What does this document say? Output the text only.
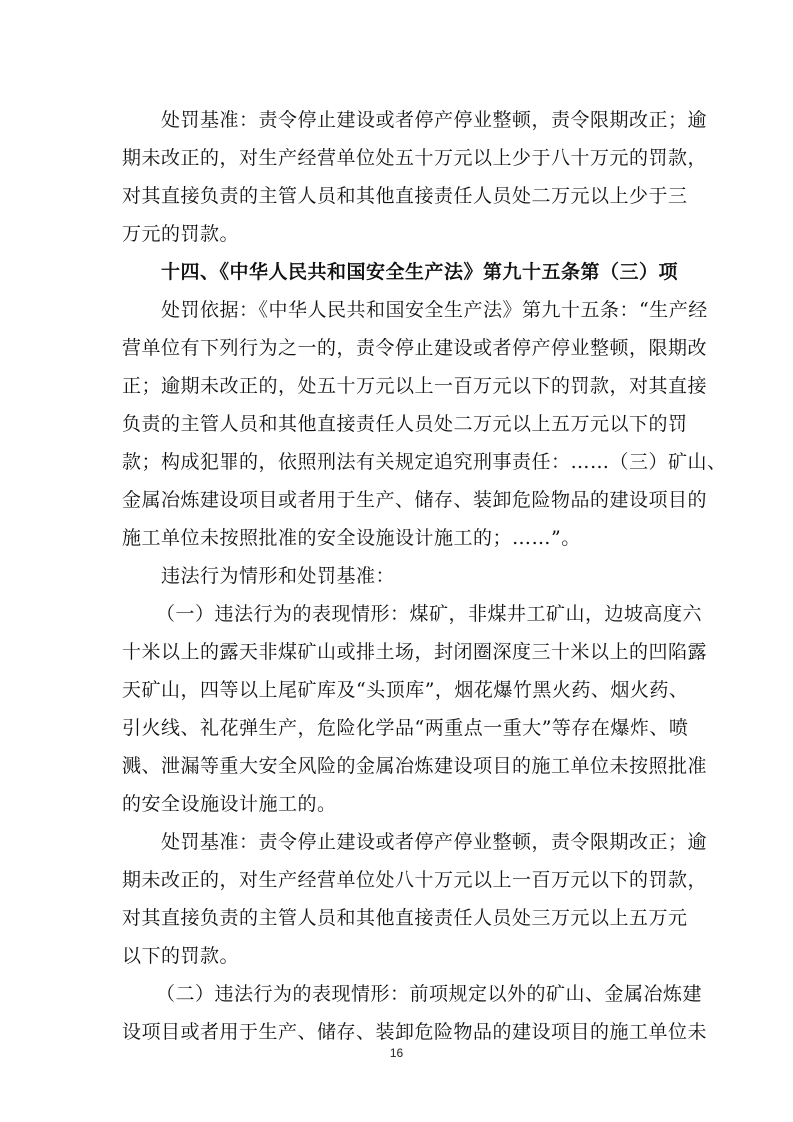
处罚基准：责令停止建设或者停产停业整顿，责令限期改正；逾
期未改正的，对生产经营单位处五十万元以上少于八十万元的罚款，
对其直接负责的主管人员和其他直接责任人员处二万元以上少于三
万元的罚款。
十四、《中华人民共和国安全生产法》第九十五条第（三）项
处罚依据：《中华人民共和国安全生产法》第九十五条：“生产经
营单位有下列行为之一的，责令停止建设或者停产停业整顿，限期改
正；逾期未改正的，处五十万元以上一百万元以下的罚款，对其直接
负责的主管人员和其他直接责任人员处二万元以上五万元以下的罚
款；构成犯罪的，依照刑法有关规定追究刑事责任：……（三）矿山、
金属冶炼建设项目或者用于生产、储存、装卸危险物品的建设项目的
施工单位未按照批准的安全设施设计施工的；……”。
违法行为情形和处罚基准：
（一）违法行为的表现情形：煤矿，非煤井工矿山，边坡高度六
十米以上的露天非煤矿山或排土场，封闭圈深度三十米以上的凹陷露
天矿山，四等以上尾矿库及“头顶库”，烟花爆竹黑火药、烟火药、
引火线、礼花弹生产，危险化学品“两重点一重大”等存在爆炸、喷
溅、泄漏等重大安全风险的金属冶炼建设项目的施工单位未按照批准
的安全设施设计施工的。
处罚基准：责令停止建设或者停产停业整顿，责令限期改正；逾
期未改正的，对生产经营单位处八十万元以上一百万元以下的罚款，
对其直接负责的主管人员和其他直接责任人员处三万元以上五万元
以下的罚款。
（二）违法行为的表现情形：前项规定以外的矿山、金属冶炼建
设项目或者用于生产、储存、装卸危险物品的建设项目的施工单位未
16
